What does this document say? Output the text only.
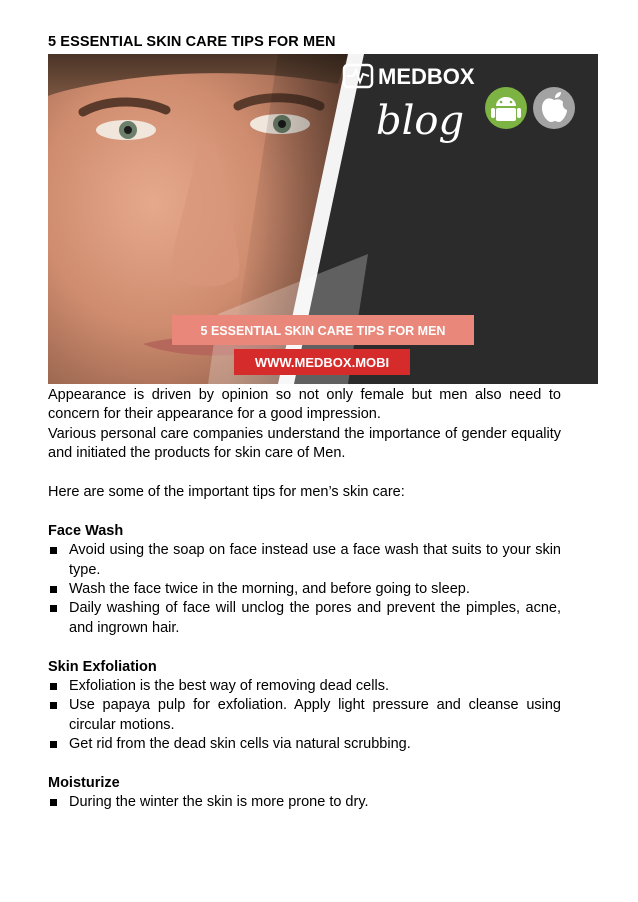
5 ESSENTIAL SKIN CARE TIPS FOR MEN
MEDBOX
blog
5 ESSENTIAL SKIN CARE TIPS FOR MEN
WWW.MEDBOX.MOBI

Appearance is driven by opinion so not only female but men also need to concern for their appearance for a good impression.

Various personal care companies understand the importance of gender equality and initiated the products for skin care of Men.

Here are some of the important tips for men’s skin care:

Face Wash

Avoid using the soap on face instead use a face wash that suits to your skin type.
Wash the face twice in the morning, and before going to sleep.
Daily washing of face will unclog the pores and prevent the pimples, acne, and ingrown hair.

Skin Exfoliation

Exfoliation is the best way of removing dead cells.
Use papaya pulp for exfoliation. Apply light pressure and cleanse using circular motions.
Get rid from the dead skin cells via natural scrubbing.

Moisturize

During the winter the skin is more prone to dry.
